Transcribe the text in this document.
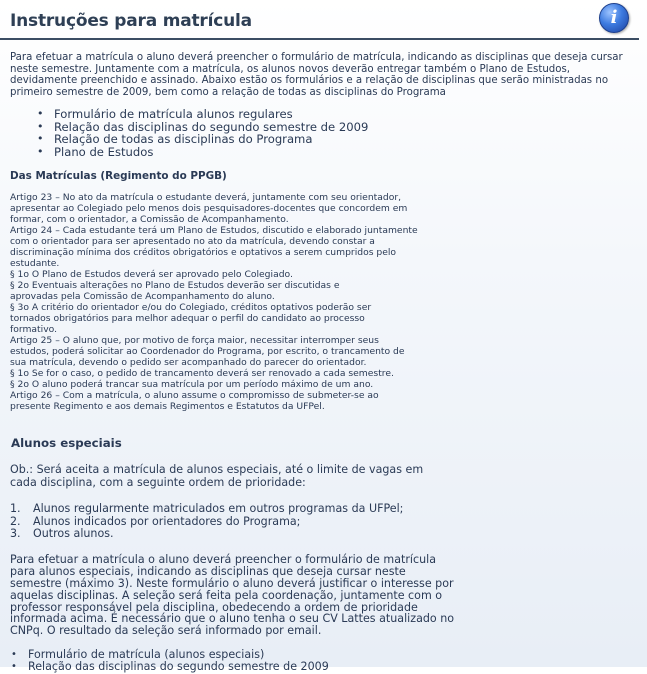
Instruções para matrícula	i

Para efetuar a matrícula o aluno deverá preencher o formulário de matrícula, indicando as disciplinas que deseja cursar neste semestre. Juntamente com a matrícula, os alunos novos deverão entregar também o Plano de Estudos, devidamente preenchido e assinado. Abaixo estão os formulários e a relação de disciplinas que serão ministradas no primeiro semestre de 2009, bem como a relação de todas as disciplinas do Programa

• Formulário de matrícula alunos regulares
• Relação das disciplinas do segundo semestre de 2009
• Relação de todas as disciplinas do Programa
• Plano de Estudos
Das Matrículas (Regimento do PPGB)
Artigo 23 – No ato da matrícula o estudante deverá, juntamente com seu orientador,
apresentar ao Colegiado pelo menos dois pesquisadores-docentes que concordem em
formar, com o orientador, a Comissão de Acompanhamento.
Artigo 24 – Cada estudante terá um Plano de Estudos, discutido e elaborado juntamente
com o orientador para ser apresentado no ato da matrícula, devendo constar a
discriminação mínima dos créditos obrigatórios e optativos a serem cumpridos pelo
estudante.
§ 1o O Plano de Estudos deverá ser aprovado pelo Colegiado.
§ 2o Eventuais alterações no Plano de Estudos deverão ser discutidas e
aprovadas pela Comissão de Acompanhamento do aluno.
§ 3o A critério do orientador e/ou do Colegiado, créditos optativos poderão ser
tornados obrigatórios para melhor adequar o perfil do candidato ao processo
formativo.
Artigo 25 – O aluno que, por motivo de força maior, necessitar interromper seus
estudos, poderá solicitar ao Coordenador do Programa, por escrito, o trancamento de
sua matrícula, devendo o pedido ser acompanhado do parecer do orientador.
§ 1o Se for o caso, o pedido de trancamento deverá ser renovado a cada semestre.
§ 2o O aluno poderá trancar sua matrícula por um período máximo de um ano.
Artigo 26 – Com a matrícula, o aluno assume o compromisso de submeter-se ao
presente Regimento e aos demais Regimentos e Estatutos da UFPel.
Alunos especiais

Ob.: Será aceita a matrícula de alunos especiais, até o limite de vagas em cada disciplina, com a seguinte ordem de prioridade:

1.	Alunos regularmente matriculados em outros programas da UFPel;
2.	Alunos indicados por orientadores do Programa;
3.	Outros alunos.

Para efetuar a matrícula o aluno deverá preencher o formulário de matrícula para alunos especiais, indicando as disciplinas que deseja cursar neste semestre (máximo 3). Neste formulário o aluno deverá justificar o interesse por aquelas disciplinas. A seleção será feita pela coordenação, juntamente com o professor responsável pela disciplina, obedecendo a ordem de prioridade informada acima. É necessário que o aluno tenha o seu CV Lattes atualizado no CNPq. O resultado da seleção será informado por email.

• Formulário de matrícula (alunos especiais)
• Relação das disciplinas do segundo semestre de 2009
